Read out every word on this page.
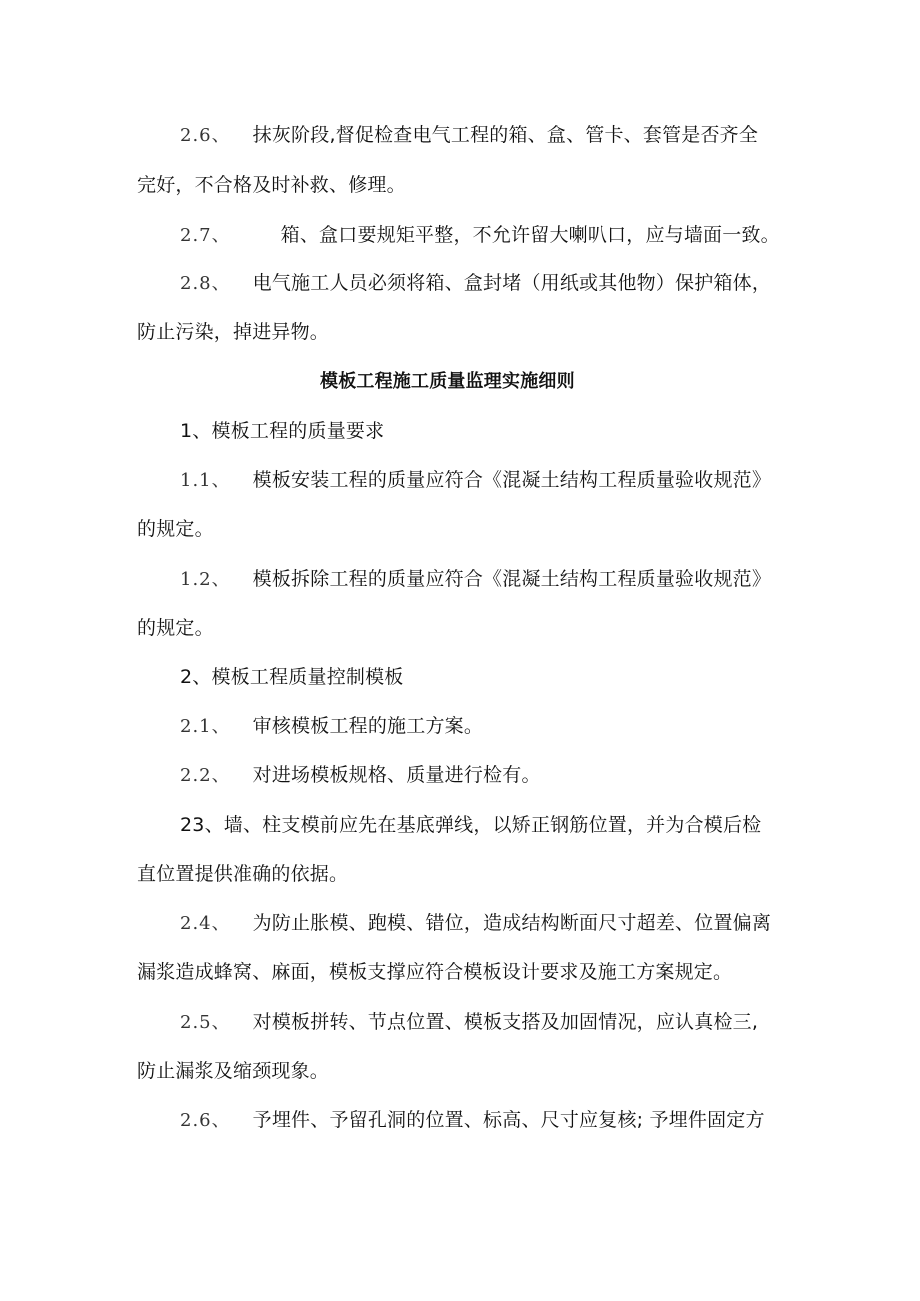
2.6、 抹灰阶段,督促检查电气工程的箱、盒、管卡、套管是否齐全
完好，不合格及时补救、修理。
2.7、	箱、盒口要规矩平整，不允许留大喇叭口，应与墙面一致。
2.8、 电气施工人员必须将箱、盒封堵（用纸或其他物）保护箱体，
防止污染，掉进异物。
模板工程施工质量监理实施细则
1、模板工程的质量要求
1.1、 模板安装工程的质量应符合《混凝土结构工程质量验收规范》
的规定。
1.2、 模板拆除工程的质量应符合《混凝土结构工程质量验收规范》
的规定。
2、模板工程质量控制模板
2.1、 审核模板工程的施工方案。
2.2、 对进场模板规格、质量进行检有。
23、墙、柱支模前应先在基底弹线，以矫正钢筋位置，并为合模后检
直位置提供准确的依据。
2.4、 为防止胀模、跑模、错位，造成结构断面尺寸超差、位置偏离
漏浆造成蜂窝、麻面，模板支撑应符合模板设计要求及施工方案规定。
2.5、 对模板拼转、节点位置、模板支搭及加固情况，应认真检三,
防止漏浆及缩颈现象。
2.6、 予埋件、予留孔洞的位置、标高、尺寸应复核; 予埋件固定方
